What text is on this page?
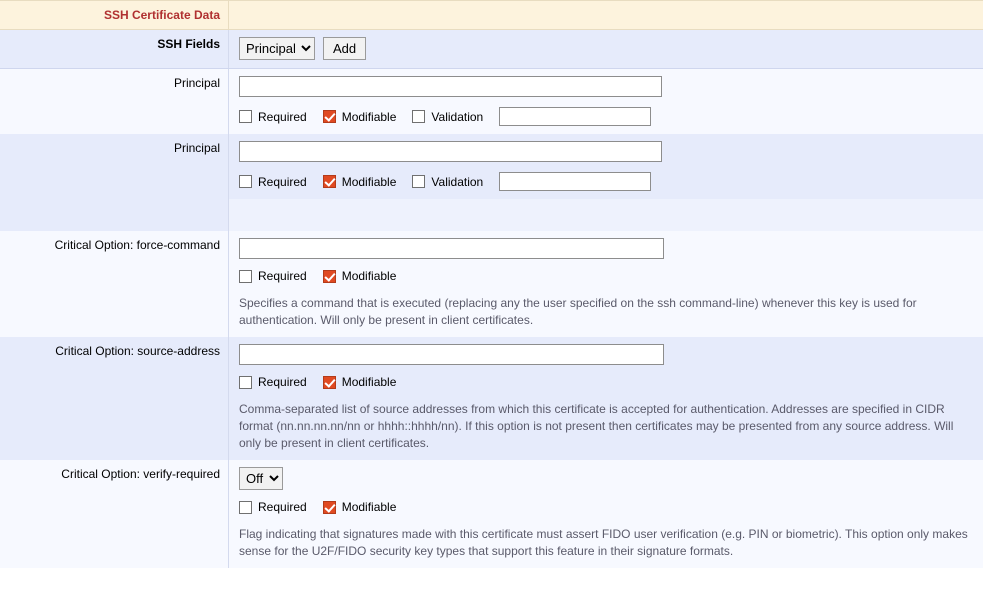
SSH Certificate Data
SSH Fields
Principal	Add
Principal
Required	Modifiable	Validation
Principal
Required	Modifiable	Validation
Critical Option: force-command
Required	Modifiable
Specifies a command that is executed (replacing any the user specified on the ssh command-line) whenever this key is used for authentication. Will only be present in client certificates.
Critical Option: source-address
Required	Modifiable
Comma-separated list of source addresses from which this certificate is accepted for authentication. Addresses are specified in CIDR format (nn.nn.nn.nn/nn or hhhh::hhhh/nn). If this option is not present then certificates may be presented from any source address. Will only be present in client certificates.
Critical Option: verify-required
Off
Required	Modifiable
Flag indicating that signatures made with this certificate must assert FIDO user verification (e.g. PIN or biometric). This option only makes sense for the U2F/FIDO security key types that support this feature in their signature formats.
